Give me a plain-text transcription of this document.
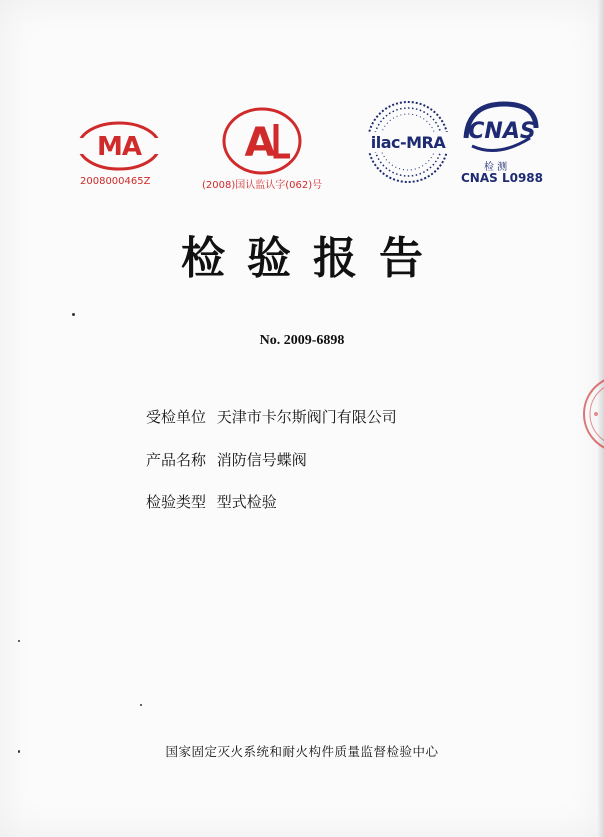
MA
2008000465Z
A
(2008)国认监认字(062)号
ilac-MRA CNAS
检 测
CNAS L0988
检验报告
No. 2009-6898
受检单位 天津市卡尔斯阀门有限公司
产品名称 消防信号蝶阀
检验类型 型式检验
国家固定灭火系统和耐火构件质量监督检验中心
